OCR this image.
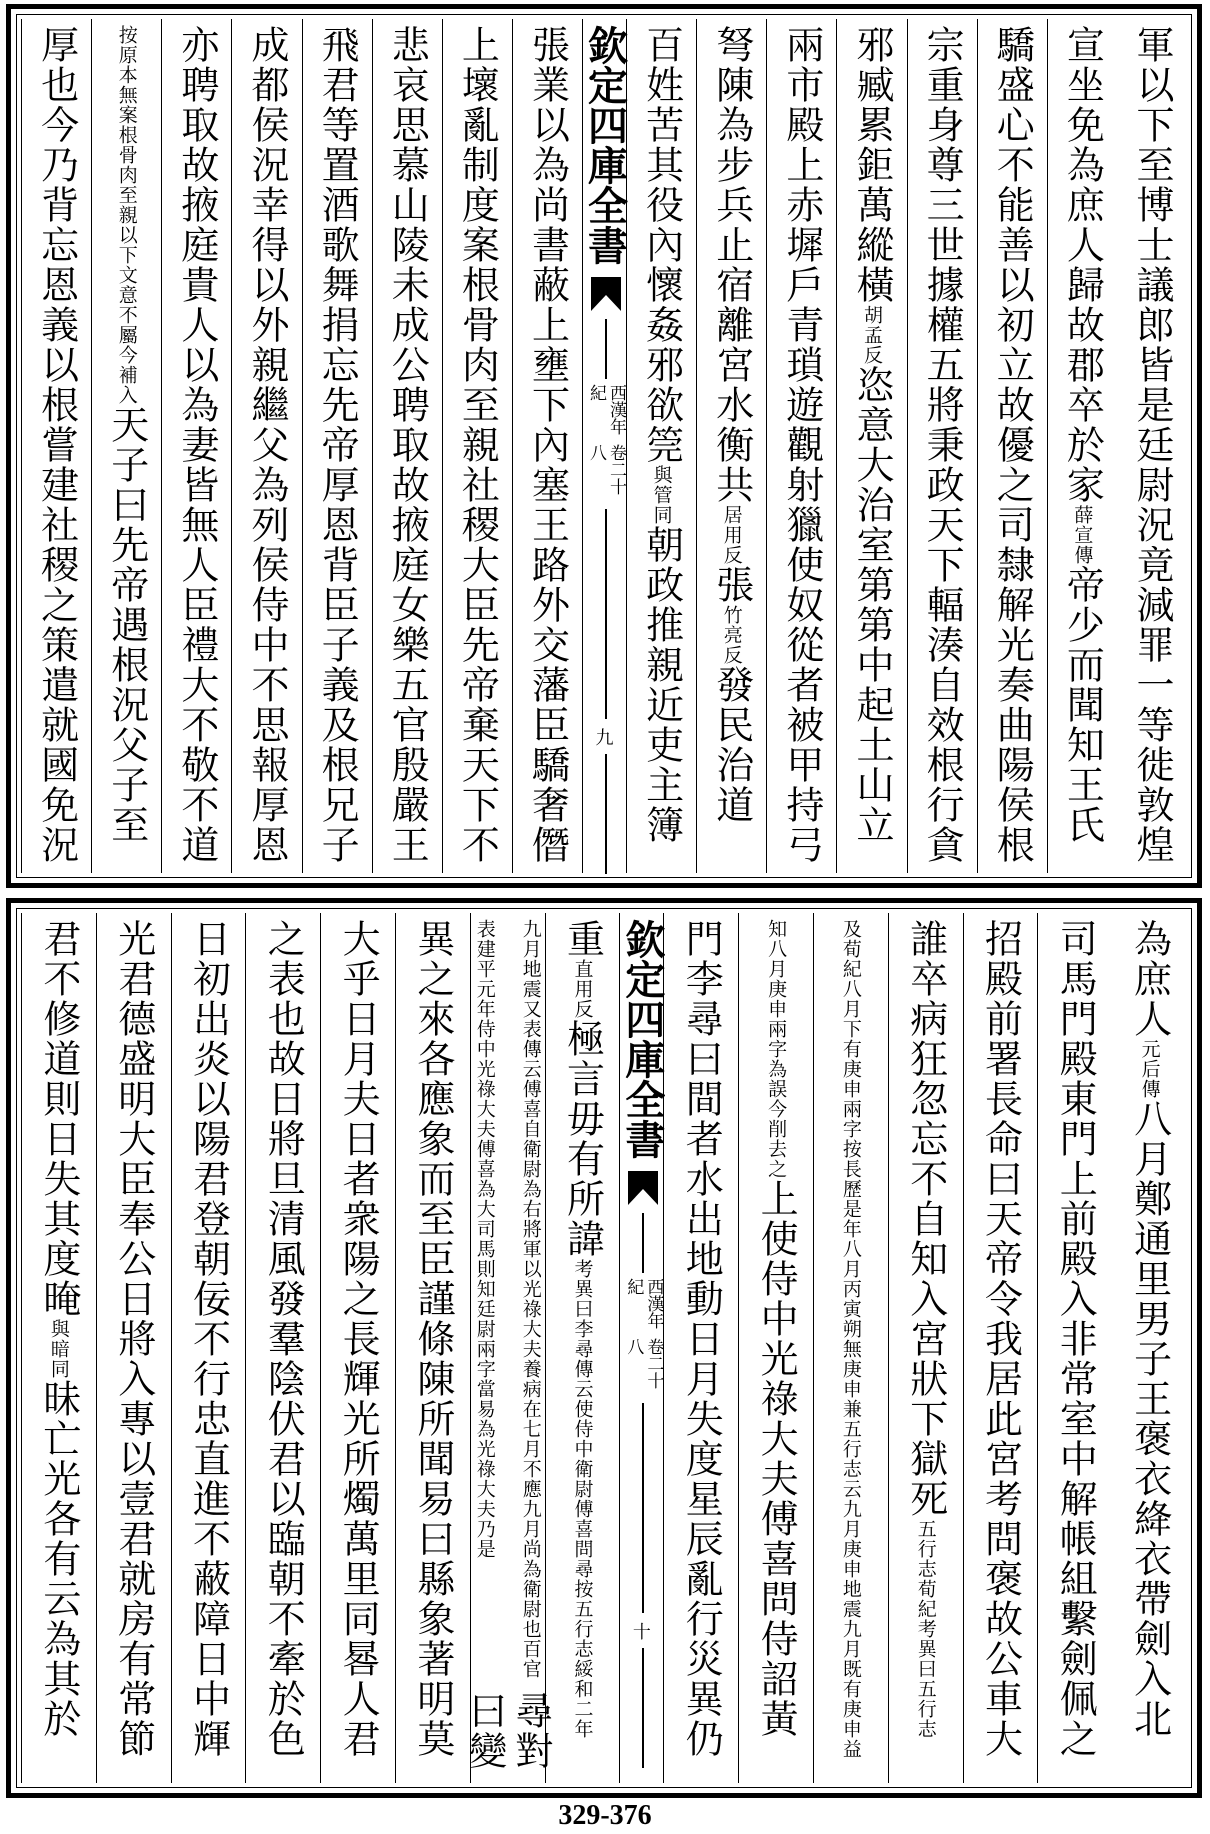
軍以下至博士議郎皆是廷尉況竟減罪一等徙敦煌
宣坐免為庶人歸故郡卒於家
薛宣傳
帝少而聞知王氏
驕盛心不能善以初立故優之司隸解光奏曲陽侯根
宗重身尊三世據權五將秉政天下輻湊自效根行貪
邪臧累鉅萬縱橫
胡孟反
恣意大治室第第中起土山立
兩市殿上赤墀戶青瑣遊觀射獵使奴從者被甲持弓
弩陳為步兵止宿離宮水衡共
居用反
張
竹亮反
發民治道
百姓苦其役內懷姦邪欲筦
與管同
朝政推親近吏主簿
欽定四庫全書
西漢年紀
卷二十八
九
張業以為尚書蔽上壅下內塞王路外交藩臣驕奢僭
上壞亂制度案根骨肉至親社稷大臣先帝棄天下不
悲哀思慕山陵未成公聘取故掖庭女樂五官殷嚴王
飛君等置酒歌舞捐忘先帝厚恩背臣子義及根兄子
成都侯況幸得以外親繼父為列侯侍中不思報厚恩
亦聘取故掖庭貴人以為妻皆無人臣禮大不敬不道
按原本無案根骨肉至親以下文意不屬今補入
天子曰先帝遇根況父子至
厚也今乃背忘恩義以根嘗建社稷之策遣就國免況
為庶人
元后傳
八月鄭通里男子王褒衣絳衣帶劍入北
司馬門殿東門上前殿入非常室中解帳組繫劍佩之
招殿前署長命曰天帝令我居此宮考問褒故公車大
誰卒病狂忽忘不自知入宮狀下獄死
五行志荀紀考異曰五行志
及荀紀八月下有庚申兩字按長歷是年八月丙寅朔無庚申兼五行志云九月庚申地震九月既有庚申益
知八月庚申兩字為誤今削去之
上使侍中光祿大夫傅喜問侍詔黃
門李尋曰間者水出地動日月失度星辰亂行災異仍
欽定四庫全書
西漢年紀
卷二十八
十
重
直用反
極言毋有所諱
考異曰李尋傳云使侍中衛尉傅喜問尋按五行志綏和二年
九月地震又表傳云傅喜自衛尉為右將軍以光祿大夫養病在七月不應九月尚為衛尉也百官表建平元年侍中光祿大夫傅喜為大司馬則知廷尉兩字當易為光祿大夫乃是
尋對曰變
異之來各應象而至臣謹條陳所聞易曰縣象著明莫
大乎日月夫日者衆陽之長輝光所燭萬里同晷人君
之表也故日將旦清風發羣陰伏君以臨朝不牽於色
日初出炎以陽君登朝佞不行忠直進不蔽障日中輝
光君德盛明大臣奉公日將入專以壹君就房有常節
君不修道則日失其度晻
與暗同
昧亡光各有云為其於
329-376
